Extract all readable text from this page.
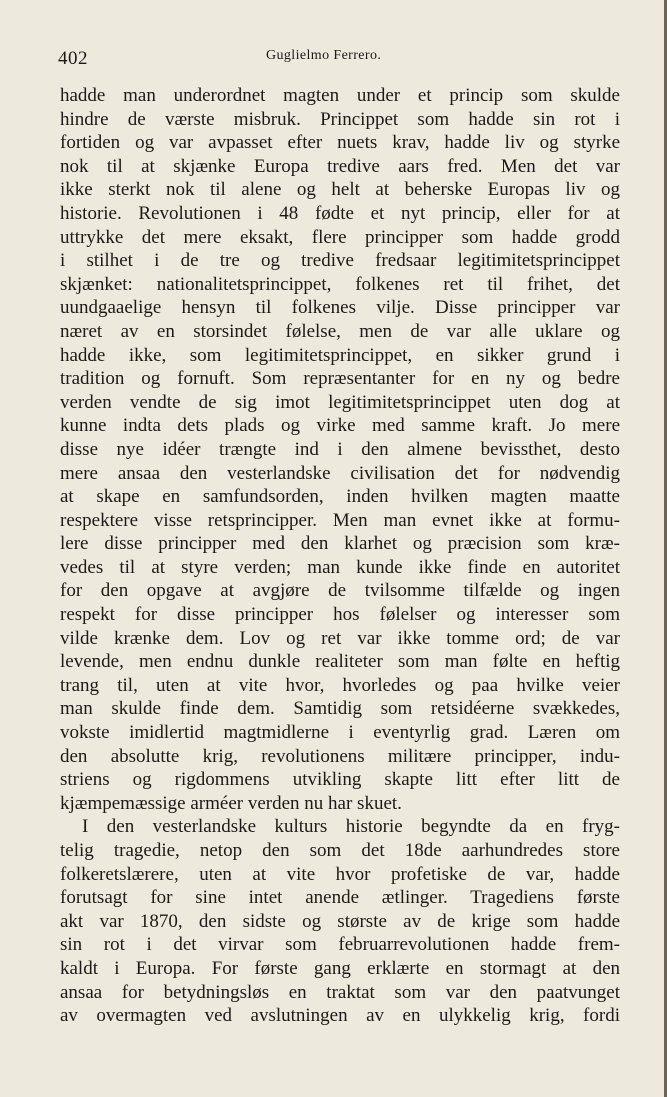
402	Guglielmo Ferrero.
hadde man underordnet magten under et princip som skulde
hindre de værste misbruk. Princippet som hadde sin rot i
fortiden og var avpasset efter nuets krav, hadde liv og styrke
nok til at skjænke Europa tredive aars fred. Men det var
ikke sterkt nok til alene og helt at beherske Europas liv og
historie. Revolutionen i 48 fødte et nyt princip, eller for at
uttrykke det mere eksakt, flere principper som hadde grodd
i stilhet i de tre og tredive fredsaar legitimitetsprincippet
skjænket: nationalitetsprincippet, folkenes ret til frihet, det
uundgaaelige hensyn til folkenes vilje. Disse principper var
næret av en storsindet følelse, men de var alle uklare og
hadde ikke, som legitimitetsprincippet, en sikker grund i
tradition og fornuft. Som repræsentanter for en ny og bedre
verden vendte de sig imot legitimitetsprincippet uten dog at
kunne indta dets plads og virke med samme kraft. Jo mere
disse nye idéer trængte ind i den almene bevissthet, desto
mere ansaa den vesterlandske civilisation det for nødvendig
at skape en samfundsorden, inden hvilken magten maatte
respektere visse retsprincipper. Men man evnet ikke at formu-
lere disse principper med den klarhet og præcision som kræ-
vedes til at styre verden; man kunde ikke finde en autoritet
for den opgave at avgjøre de tvilsomme tilfælde og ingen
respekt for disse principper hos følelser og interesser som
vilde krænke dem. Lov og ret var ikke tomme ord; de var
levende, men endnu dunkle realiteter som man følte en heftig
trang til, uten at vite hvor, hvorledes og paa hvilke veier
man skulde finde dem. Samtidig som retsidéerne svækkedes,
vokste imidlertid magtmidlerne i eventyrlig grad. Læren om
den absolutte krig, revolutionens militære principper, indu-
striens og rigdommens utvikling skapte litt efter litt de
kjæmpemæssige arméer verden nu har skuet.
I den vesterlandske kulturs historie begyndte da en fryg-
telig tragedie, netop den som det 18de aarhundredes store
folkeretslærere, uten at vite hvor profetiske de var, hadde
forutsagt for sine intet anende ætlinger. Tragediens første
akt var 1870, den sidste og største av de krige som hadde
sin rot i det virvar som februarrevolutionen hadde frem-
kaldt i Europa. For første gang erklærte en stormagt at den
ansaa for betydningsløs en traktat som var den paatvunget
av overmagten ved avslutningen av en ulykkelig krig, fordi
